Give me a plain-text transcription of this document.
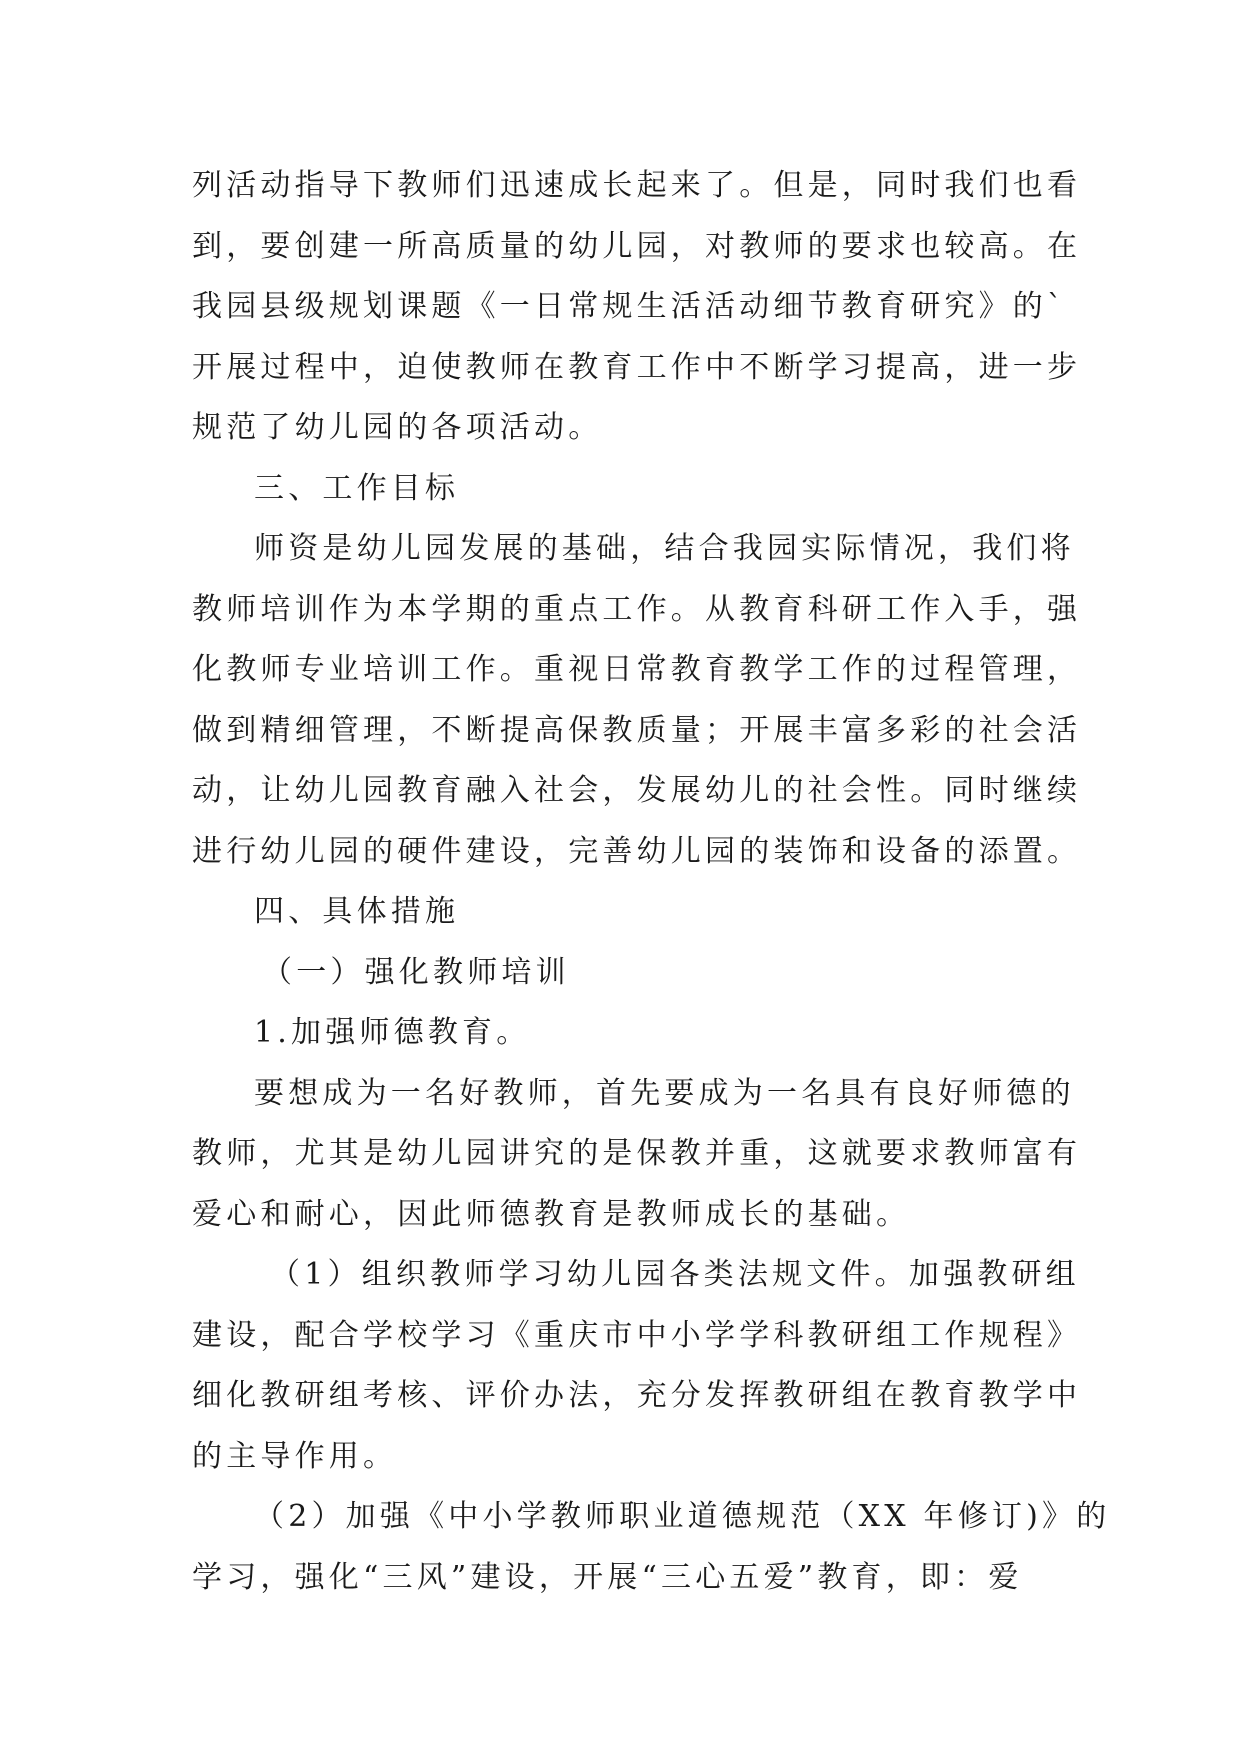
列活动指导下教师们迅速成长起来了。但是，同时我们也看
到，要创建一所高质量的幼儿园，对教师的要求也较高。在
我园县级规划课题《一日常规生活活动细节教育研究》的`
开展过程中，迫使教师在教育工作中不断学习提高，进一步
规范了幼儿园的各项活动。
三、工作目标
师资是幼儿园发展的基础，结合我园实际情况，我们将
教师培训作为本学期的重点工作。从教育科研工作入手，强
化教师专业培训工作。重视日常教育教学工作的过程管理，
做到精细管理，不断提高保教质量；开展丰富多彩的社会活
动，让幼儿园教育融入社会，发展幼儿的社会性。同时继续
进行幼儿园的硬件建设，完善幼儿园的装饰和设备的添置。
四、具体措施
（一）强化教师培训
1.加强师德教育。
要想成为一名好教师，首先要成为一名具有良好师德的
教师，尤其是幼儿园讲究的是保教并重，这就要求教师富有
爱心和耐心，因此师德教育是教师成长的基础。
（1）组织教师学习幼儿园各类法规文件。加强教研组
建设，配合学校学习《重庆市中小学学科教研组工作规程》
细化教研组考核、评价办法，充分发挥教研组在教育教学中
的主导作用。
（2）加强《中小学教师职业道德规范（XX 年修订)》的
学习，强化“三风”建设，开展“三心五爱”教育，即：爱
